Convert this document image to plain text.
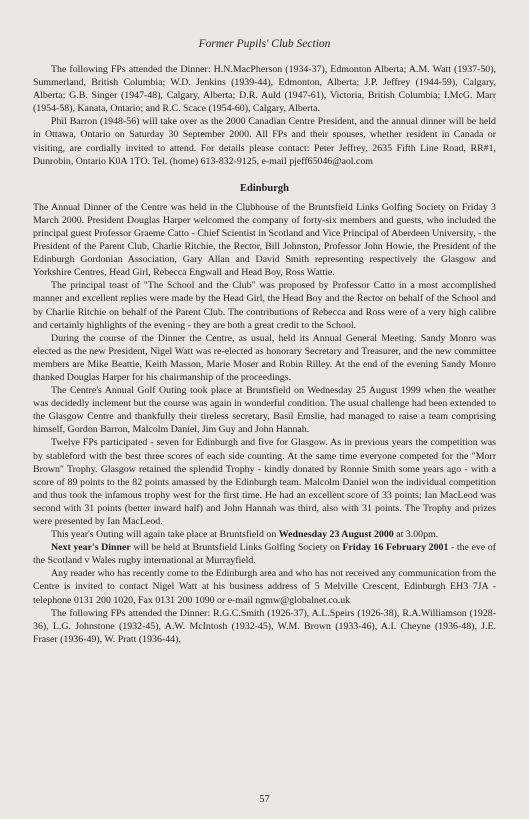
Former Pupils' Club Section

The following FPs attended the Dinner: H.N.MacPherson (1934-37), Edmonton Alberta; A.M. Watt (1937-50), Summerland, British Columbia; W.D. Jenkins (1939-44), Edmonton, Alberta; J.P. Jeffrey (1944-59), Calgary, Alberta; G.B. Singer (1947-48), Calgary, Alberta; D.R. Auld (1947-61), Victoria, British Columbia; I.McG. Marr (1954-58), Kanata, Ontario; and R.C. Scace (1954-60), Calgary, Alberta.

Phil Barron (1948-56) will take over as the 2000 Canadian Centre President, and the annual dinner will be held in Ottawa, Ontario on Saturday 30 September 2000. All FPs and their spouses, whether resident in Canada or visiting, are cordially invited to attend. For details please contact: Peter Jeffrey, 2635 Fifth Line Road, RR#1, Dunrobin, Ontario K0A 1TO. Tel. (home) 613-832-9125, e-mail pjeff65046@aol.com

Edinburgh

The Annual Dinner of the Centre was held in the Clubhouse of the Bruntsfield Links Golfing Society on Friday 3 March 2000. President Douglas Harper welcomed the company of forty-six members and guests, who included the principal guest Professor Graeme Catto - Chief Scientist in Scotland and Vice Principal of Aberdeen University, - the President of the Parent Club, Charlie Ritchie, the Rector, Bill Johnston, Professor John Howie, the President of the Edinburgh Gordonian Association, Gary Allan and David Smith representing respectively the Glasgow and Yorkshire Centres, Head Girl, Rebecca Engwall and Head Boy, Ross Wattie.

The principal toast of "The School and the Club" was proposed by Professor Catto in a most accomplished manner and excellent replies were made by the Head Girl, the Head Boy and the Rector on behalf of the School and by Charlie Ritchie on behalf of the Parent Club. The contributions of Rebecca and Ross were of a very high calibre and certainly highlights of the evening - they are both a great credit to the School.

During the course of the Dinner the Centre, as usual, held its Annual General Meeting. Sandy Monro was elected as the new President, Nigel Watt was re-elected as honorary Secretary and Treasurer, and the new committee members are Mike Beattie, Keith Masson, Marie Moser and Robin Rilley. At the end of the evening Sandy Monro thanked Douglas Harper for his chairmanship of the proceedings.

The Centre's Annual Golf Outing took place at Bruntsfield on Wednesday 25 August 1999 when the weather was decidedly inclement but the course was again in wonderful condition. The usual challenge had been extended to the Glasgow Centre and thankfully their tireless secretary, Basil Emslie, had managed to raise a team comprising himself, Gordon Barron, Malcolm Daniel, Jim Guy and John Hannah.

Twelve FPs participated - seven for Edinburgh and five for Glasgow. As in previous years the competition was by stableford with the best three scores of each side counting. At the same time everyone competed for the "Morr Brown" Trophy. Glasgow retained the splendid Trophy - kindly donated by Ronnie Smith some years ago - with a score of 89 points to the 82 points amassed by the Edinburgh team. Malcolm Daniel won the individual competition and thus took the infamous trophy west for the first time. He had an excellent score of 33 points; Ian MacLeod was second with 31 points (better inward half) and John Hannah was third, also with 31 points. The Trophy and prizes were presented by Ian MacLeod.

This year's Outing will again take place at Bruntsfield on Wednesday 23 August 2000 at 3.00pm.

Next year's Dinner will be held at Bruntsfield Links Golfing Society on Friday 16 February 2001 - the eve of the Scotland v Wales rugby international at Murrayfield.

Any reader who has recently come to the Edinburgh area and who has not received any communication from the Centre is invited to contact Nigel Watt at his business address of 5 Melville Crescent, Edinburgh EH3 7JA - telephone 0131 200 1020, Fax 0131 200 1090 or e-mail ngmw@globalnet.co.uk

The following FPs attended the Dinner: R.G.C.Smith (1926-37), A.L.Speirs (1926-38), R.A.Williamson (1928-36), L.G. Johnstone (1932-45), A.W. McIntosh (1932-45), W.M. Brown (1933-46), A.I. Cheyne (1936-48), J.E. Fraser (1936-49), W. Pratt (1936-44),

57
